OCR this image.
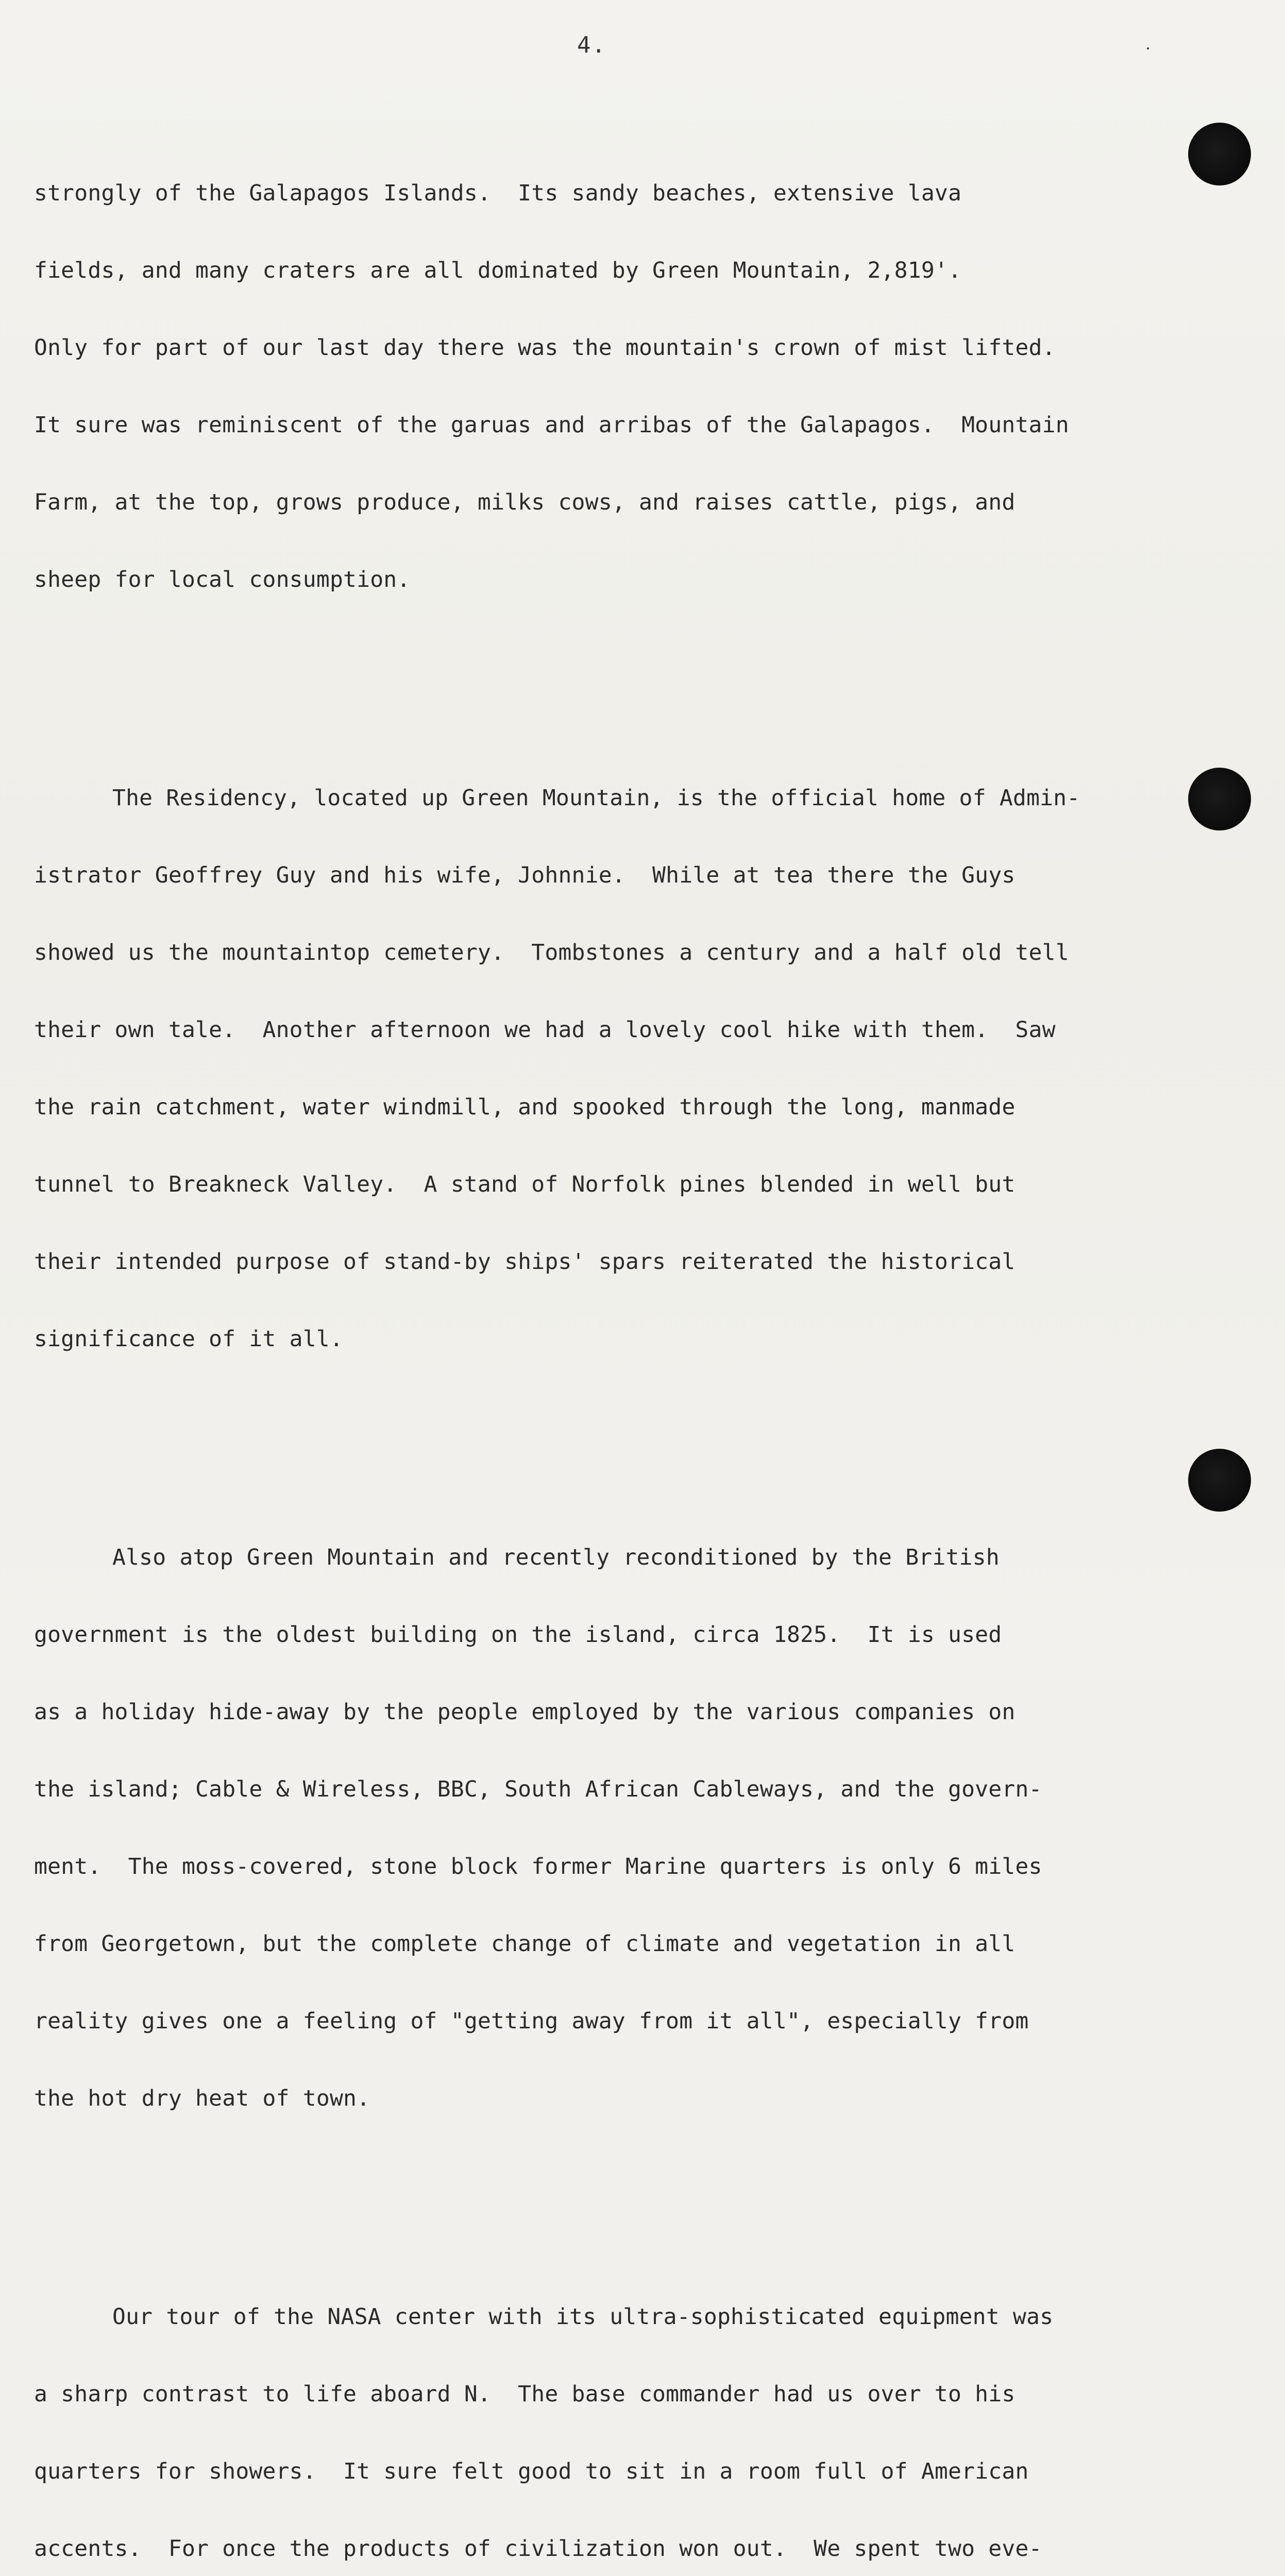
4.

strongly of the Galapagos Islands.  Its sandy beaches, extensive lava

fields, and many craters are all dominated by Green Mountain, 2,819'.

Only for part of our last day there was the mountain's crown of mist lifted.

It sure was reminiscent of the garuas and arribas of the Galapagos.  Mountain

Farm, at the top, grows produce, milks cows, and raises cattle, pigs, and

sheep for local consumption.

The Residency, located up Green Mountain, is the official home of Admin-

istrator Geoffrey Guy and his wife, Johnnie.  While at tea there the Guys

showed us the mountaintop cemetery.  Tombstones a century and a half old tell

their own tale.  Another afternoon we had a lovely cool hike with them.  Saw

the rain catchment, water windmill, and spooked through the long, manmade

tunnel to Breakneck Valley.  A stand of Norfolk pines blended in well but

their intended purpose of stand-by ships' spars reiterated the historical

significance of it all.

Also atop Green Mountain and recently reconditioned by the British

government is the oldest building on the island, circa 1825.  It is used

as a holiday hide-away by the people employed by the various companies on

the island; Cable & Wireless, BBC, South African Cableways, and the govern-

ment.  The moss-covered, stone block former Marine quarters is only 6 miles

from Georgetown, but the complete change of climate and vegetation in all

reality gives one a feeling of "getting away from it all", especially from

the hot dry heat of town.

Our tour of the NASA center with its ultra-sophisticated equipment was

a sharp contrast to life aboard N.  The base commander had us over to his

quarters for showers.  It sure felt good to sit in a room full of American

accents.  For once the products of civilization won out.  We spent two eve-
